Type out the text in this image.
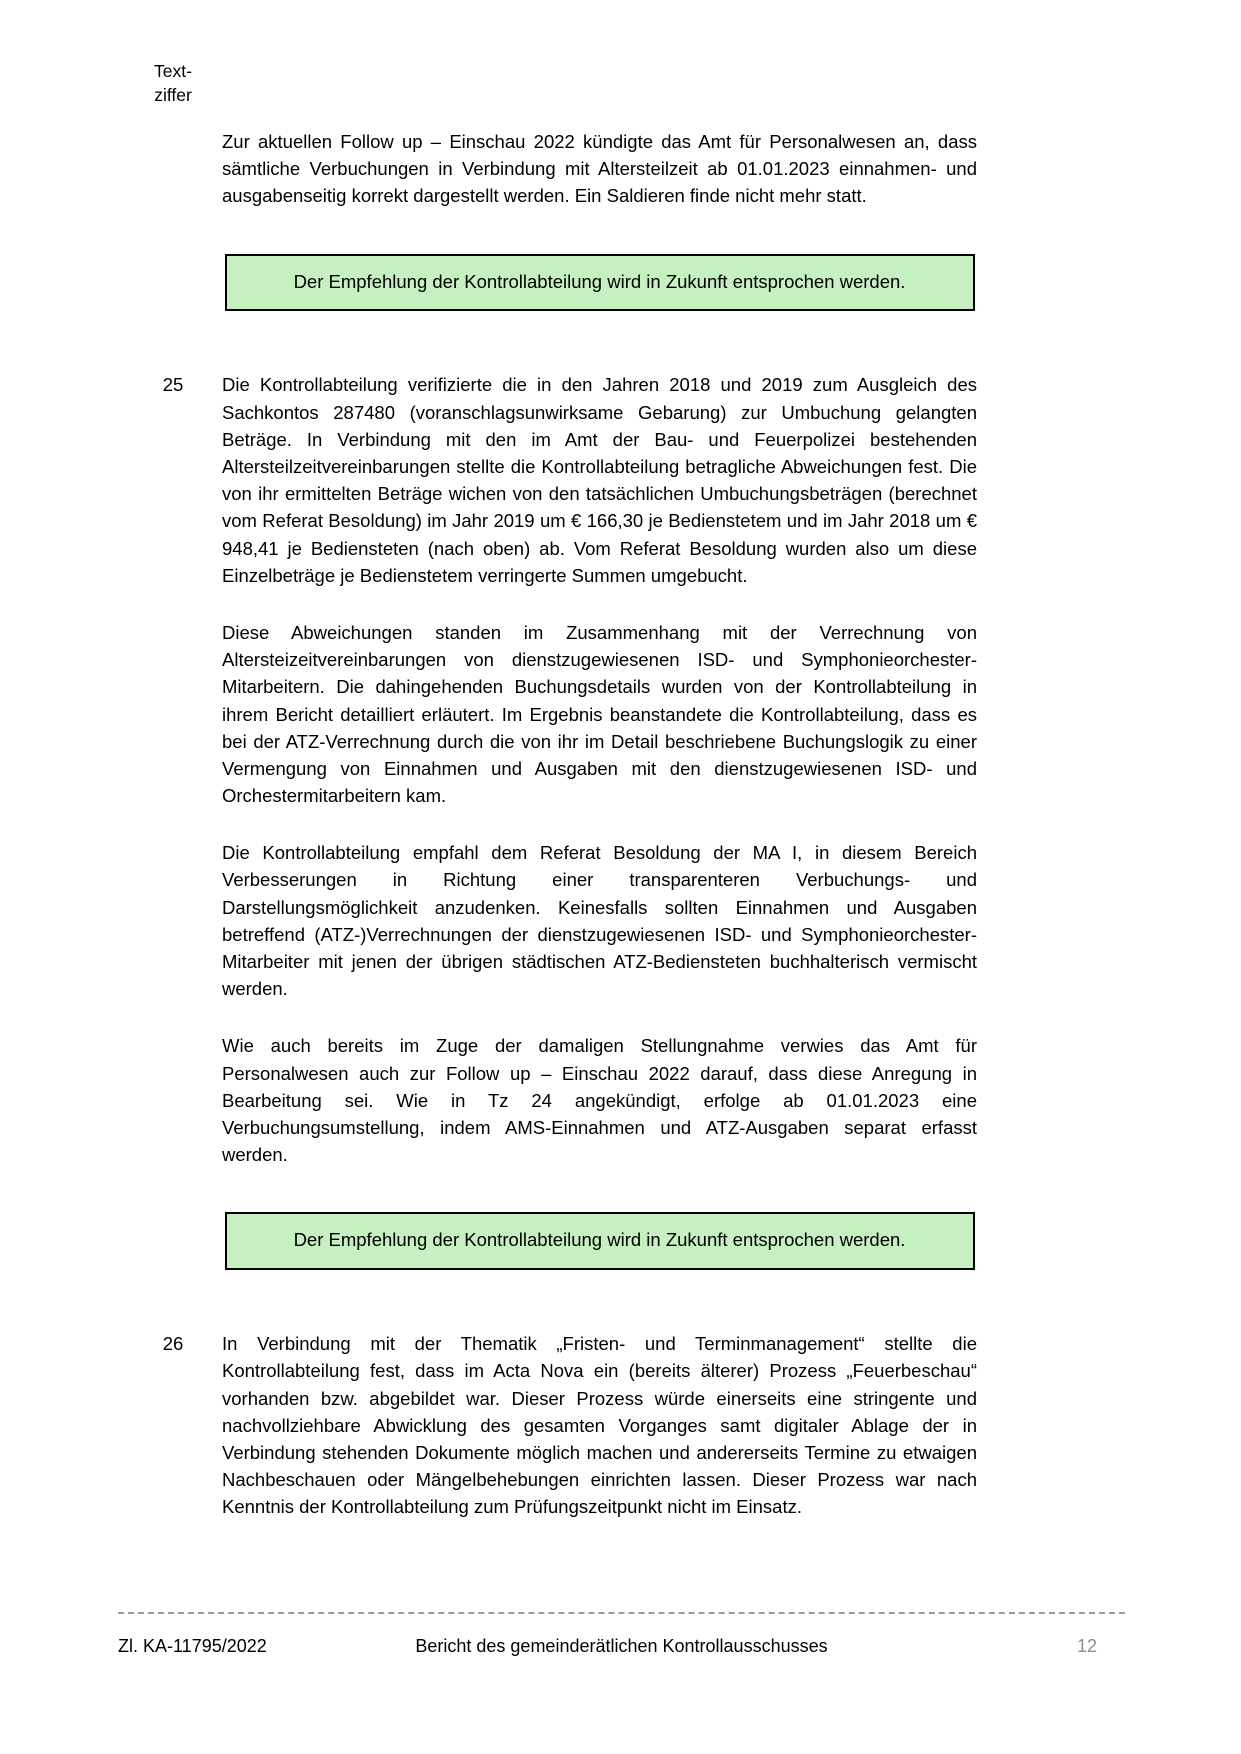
Text-
ziffer

Zur aktuellen Follow up – Einschau 2022 kündigte das Amt für Personalwesen an, dass sämtliche Verbuchungen in Verbindung mit Altersteilzeit ab 01.01.2023 einnahmen- und ausgabenseitig korrekt dargestellt werden. Ein Saldieren finde nicht mehr statt.

Der Empfehlung der Kontrollabteilung wird in Zukunft entsprochen werden.

25	Die Kontrollabteilung verifizierte die in den Jahren 2018 und 2019 zum Ausgleich des Sachkontos 287480 (voranschlagsunwirksame Gebarung) zur Umbuchung gelangten Beträge. In Verbindung mit den im Amt der Bau- und Feuerpolizei bestehenden Altersteilzeitvereinbarungen stellte die Kontrollabteilung betragliche Abweichungen fest. Die von ihr ermittelten Beträge wichen von den tatsächlichen Umbuchungsbeträgen (berechnet vom Referat Besoldung) im Jahr 2019 um € 166,30 je Bedienstetem und im Jahr 2018 um € 948,41 je Bediensteten (nach oben) ab. Vom Referat Besoldung wurden also um diese Einzelbeträge je Bedienstetem verringerte Summen umgebucht.

Diese Abweichungen standen im Zusammenhang mit der Verrechnung von Altersteizeitvereinbarungen von dienstzugewiesenen ISD- und Symphonieorchester-Mitarbeitern. Die dahingehenden Buchungsdetails wurden von der Kontrollabteilung in ihrem Bericht detailliert erläutert. Im Ergebnis beanstandete die Kontrollabteilung, dass es bei der ATZ-Verrechnung durch die von ihr im Detail beschriebene Buchungslogik zu einer Vermengung von Einnahmen und Ausgaben mit den dienstzugewiesenen ISD- und Orchestermitarbeitern kam.

Die Kontrollabteilung empfahl dem Referat Besoldung der MA I, in diesem Bereich Verbesserungen in Richtung einer transparenteren Verbuchungs- und Darstellungsmöglichkeit anzudenken. Keinesfalls sollten Einnahmen und Ausgaben betreffend (ATZ-)Verrechnungen der dienstzugewiesenen ISD- und Symphonieorchester-Mitarbeiter mit jenen der übrigen städtischen ATZ-Bediensteten buchhalterisch vermischt werden.

Wie auch bereits im Zuge der damaligen Stellungnahme verwies das Amt für Personalwesen auch zur Follow up – Einschau 2022 darauf, dass diese Anregung in Bearbeitung sei. Wie in Tz 24 angekündigt, erfolge ab 01.01.2023 eine Verbuchungsumstellung, indem AMS-Einnahmen und ATZ-Ausgaben separat erfasst werden.

Der Empfehlung der Kontrollabteilung wird in Zukunft entsprochen werden.

26	In Verbindung mit der Thematik „Fristen- und Terminmanagement“ stellte die Kontrollabteilung fest, dass im Acta Nova ein (bereits älterer) Prozess „Feuerbeschau“ vorhanden bzw. abgebildet war. Dieser Prozess würde einerseits eine stringente und nachvollziehbare Abwicklung des gesamten Vorganges samt digitaler Ablage der in Verbindung stehenden Dokumente möglich machen und andererseits Termine zu etwaigen Nachbeschauen oder Mängelbehebungen einrichten lassen. Dieser Prozess war nach Kenntnis der Kontrollabteilung zum Prüfungszeitpunkt nicht im Einsatz.

Zl. KA-11795/2022	Bericht des gemeinderätlichen Kontrollausschusses	12
